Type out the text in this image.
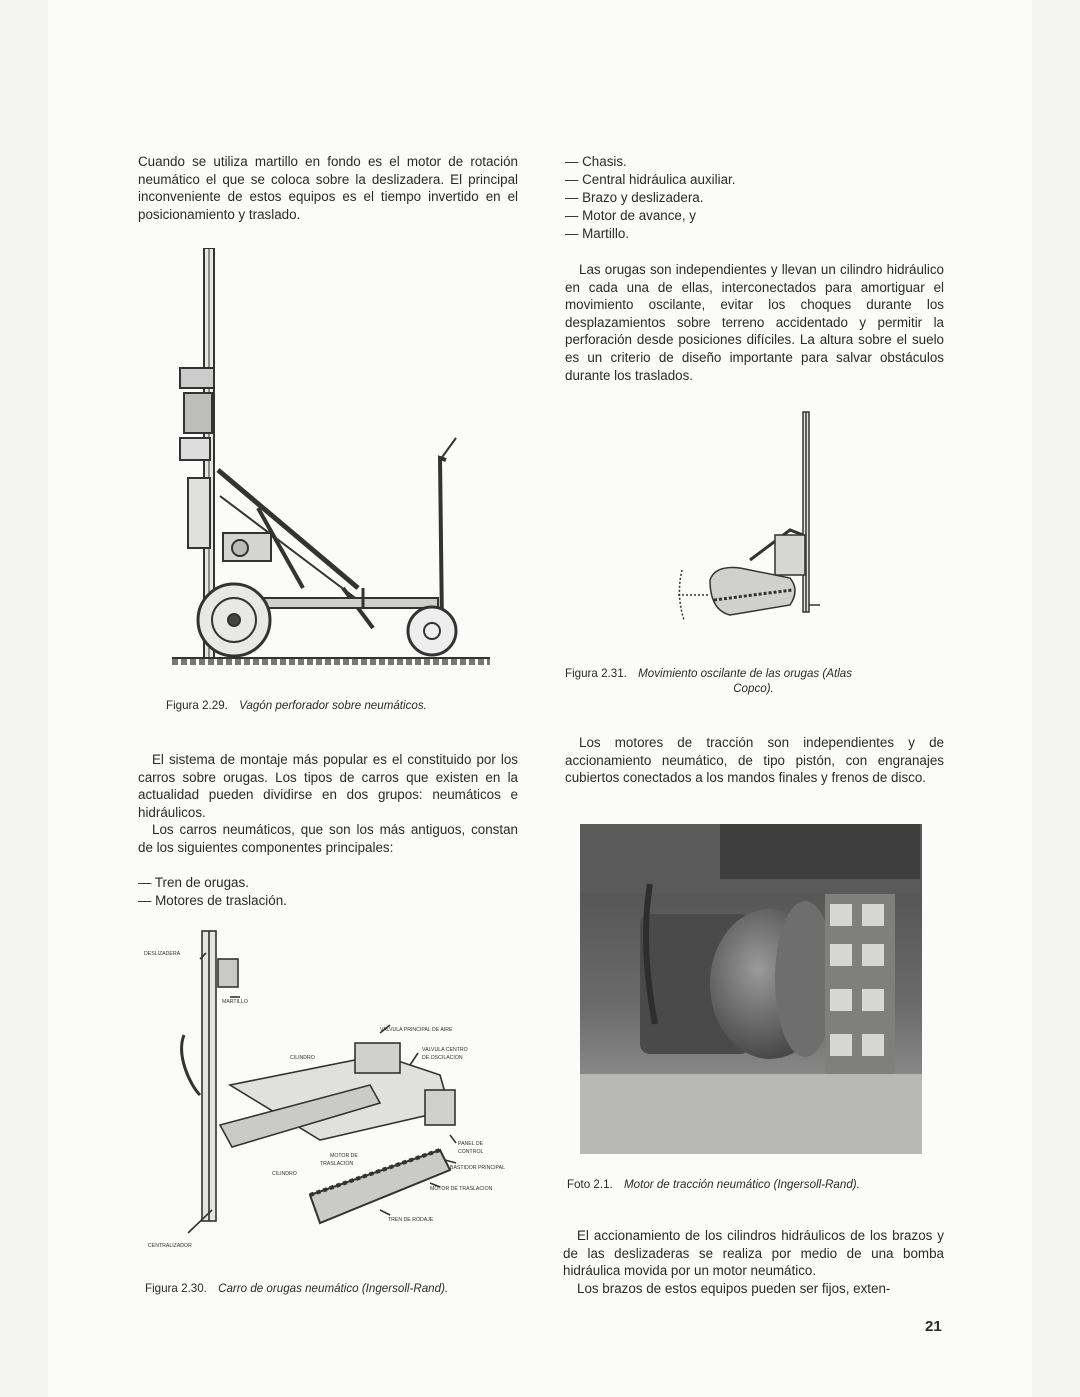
Cuando se utiliza martillo en fondo es el motor de rotación neumático el que se coloca sobre la deslizadera. El principal inconveniente de estos equipos es el tiempo invertido en el posicionamiento y traslado.

Figura 2.29. Vagón perforador sobre neumáticos.

El sistema de montaje más popular es el constituido por los carros sobre orugas. Los tipos de carros que existen en la actualidad pueden dividirse en dos grupos: neumáticos e hidráulicos.

Los carros neumáticos, que son los más antiguos, constan de los siguientes componentes principales:

— Tren de orugas.
— Motores de traslación.
DESLIZADERA
MARTILLO
VALVULA PRINCIPAL DE AIRE
VALVULA CENTRO
DE OSCILACION
CILINDRO
PANEL DE
CONTROL
BASTIDOR PRINCIPAL
MOTOR DE
TRASLACION
CILINDRO
MOTOR DE TRASLACION
TREN DE RODAJE
CENTRALIZADOR
Figura 2.30. Carro de orugas neumático (Ingersoll-Rand).
— Chasis.
— Central hidráulica auxiliar.
— Brazo y deslizadera.
— Motor de avance, y
— Martillo.

Las orugas son independientes y llevan un cilindro hidráulico en cada una de ellas, interconectados para amortiguar el movimiento oscilante, evitar los choques durante los desplazamientos sobre terreno accidentado y permitir la perforación desde posiciones difíciles. La altura sobre el suelo es un criterio de diseño importante para salvar obstáculos durante los traslados.

Figura 2.31. Movimiento oscilante de las orugas (Atlas
Copco).

Los motores de tracción son independientes y de accionamiento neumático, de tipo pistón, con engranajes cubiertos conectados a los mandos finales y frenos de disco.

Foto 2.1. Motor de tracción neumático (Ingersoll-Rand).

El accionamiento de los cilindros hidráulicos de los brazos y de las deslizaderas se realiza por medio de una bomba hidráulica movida por un motor neumático.

Los brazos de estos equipos pueden ser fijos, exten-

21
